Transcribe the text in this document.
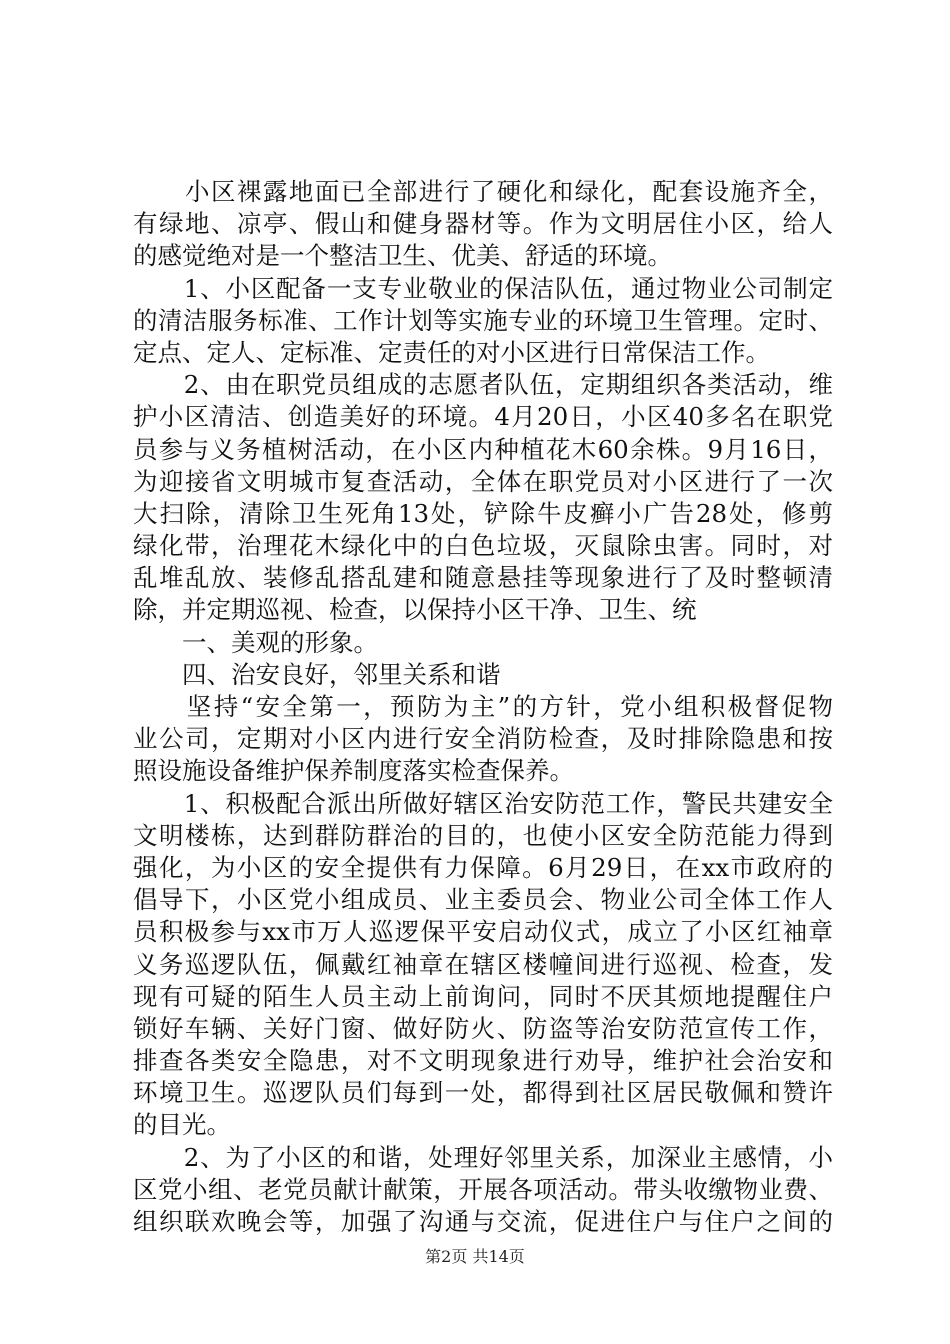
　　小区裸露地面已全部进行了硬化和绿化，配套设施齐全，
有绿地、凉亭、假山和健身器材等。作为文明居住小区，给人
的感觉绝对是一个整洁卫生、优美、舒适的环境。
　　1、小区配备一支专业敬业的保洁队伍，通过物业公司制定
的清洁服务标准、工作计划等实施专业的环境卫生管理。定时、
定点、定人、定标准、定责任的对小区进行日常保洁工作。
　　2、由在职党员组成的志愿者队伍，定期组织各类活动，维
护小区清洁、创造美好的环境。4月20日，小区40多名在职党
员参与义务植树活动，在小区内种植花木60余株。9月16日，
为迎接省文明城市复查活动，全体在职党员对小区进行了一次
大扫除，清除卫生死角13处，铲除牛皮癣小广告28处，修剪
绿化带，治理花木绿化中的白色垃圾，灭鼠除虫害。同时，对
乱堆乱放、装修乱搭乱建和随意悬挂等现象进行了及时整顿清
除，并定期巡视、检查，以保持小区干净、卫生、统
　　一、美观的形象。
　　四、治安良好，邻里关系和谐
　　坚持“安全第一，预防为主”的方针，党小组积极督促物
业公司，定期对小区内进行安全消防检查，及时排除隐患和按
照设施设备维护保养制度落实检查保养。
　　1、积极配合派出所做好辖区治安防范工作，警民共建安全
文明楼栋，达到群防群治的目的，也使小区安全防范能力得到
强化，为小区的安全提供有力保障。6月29日，在xx市政府的
倡导下，小区党小组成员、业主委员会、物业公司全体工作人
员积极参与xx市万人巡逻保平安启动仪式，成立了小区红袖章
义务巡逻队伍，佩戴红袖章在辖区楼幢间进行巡视、检查，发
现有可疑的陌生人员主动上前询问，同时不厌其烦地提醒住户
锁好车辆、关好门窗、做好防火、防盗等治安防范宣传工作，
排查各类安全隐患，对不文明现象进行劝导，维护社会治安和
环境卫生。巡逻队员们每到一处，都得到社区居民敬佩和赞许
的目光。
　　2、为了小区的和谐，处理好邻里关系，加深业主感情，小
区党小组、老党员献计献策，开展各项活动。带头收缴物业费、
组织联欢晚会等，加强了沟通与交流，促进住户与住户之间的
第2页 共14页
